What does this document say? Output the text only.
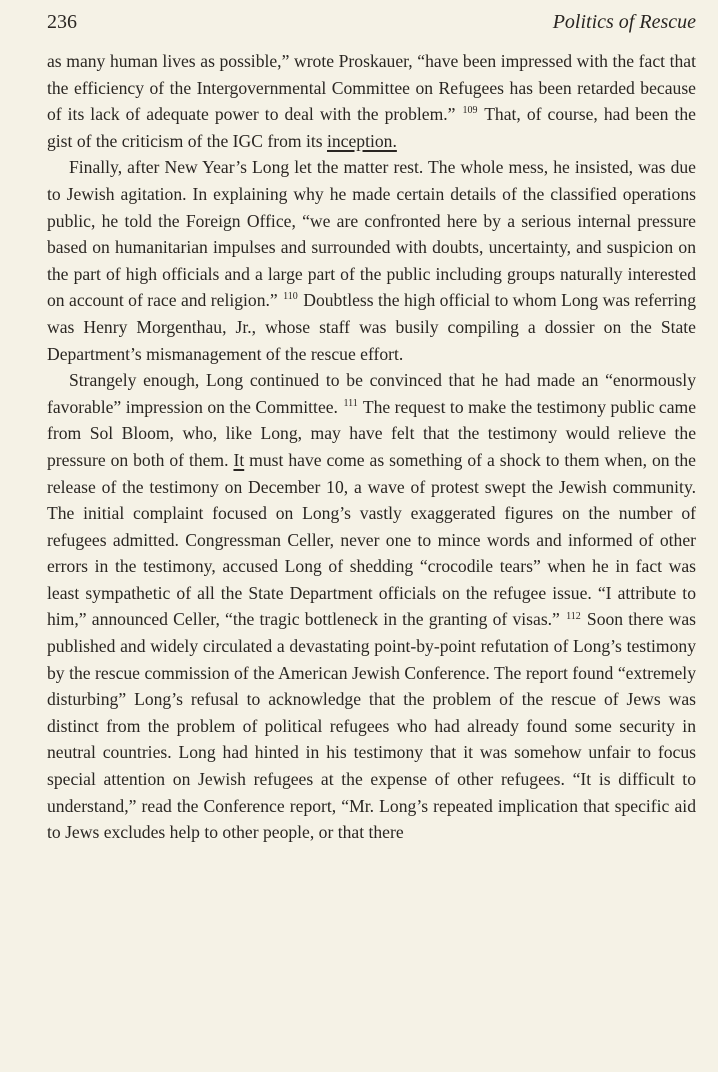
236	Politics of Rescue

as many human lives as possible,” wrote Proskauer, “have been impressed with the fact that the efficiency of the Intergovernmental Committee on Refugees has been retarded because of its lack of adequate power to deal with the problem.” $^{109}$ That, of course, had been the gist of the criticism of the IGC from its inception.

Finally, after New Year’s Long let the matter rest. The whole mess, he insisted, was due to Jewish agitation. In explaining why he made certain details of the classified operations public, he told the Foreign Office, “we are confronted here by a serious internal pressure based on humanitarian impulses and surrounded with doubts, uncertainty, and suspicion on the part of high officials and a large part of the public including groups naturally interested on account of race and religion.” $^{110}$ Doubtless the high official to whom Long was referring was Henry Morgenthau, Jr., whose staff was busily compiling a dossier on the State Department’s mismanagement of the rescue effort.

Strangely enough, Long continued to be convinced that he had made an “enormously favorable” impression on the Committee. $^{111}$ The request to make the testimony public came from Sol Bloom, who, like Long, may have felt that the testimony would relieve the pressure on both of them. It must have come as something of a shock to them when, on the release of the testimony on December 10, a wave of protest swept the Jewish community. The initial complaint focused on Long’s vastly exaggerated figures on the number of refugees admitted. Congressman Celler, never one to mince words and informed of other errors in the testimony, accused Long of shedding “crocodile tears” when he in fact was least sympathetic of all the State Department officials on the refugee issue. “I attribute to him,” announced Celler, “the tragic bottleneck in the granting of visas.” $^{112}$ Soon there was published and widely circulated a devastating point-by-point refutation of Long’s testimony by the rescue commission of the American Jewish Conference. The report found “extremely disturbing” Long’s refusal to acknowledge that the problem of the rescue of Jews was distinct from the problem of political refugees who had already found some security in neutral countries. Long had hinted in his testimony that it was somehow unfair to focus special attention on Jewish refugees at the expense of other refugees. “It is difficult to understand,” read the Conference report, “Mr. Long’s repeated implication that specific aid to Jews excludes help to other people, or that there
